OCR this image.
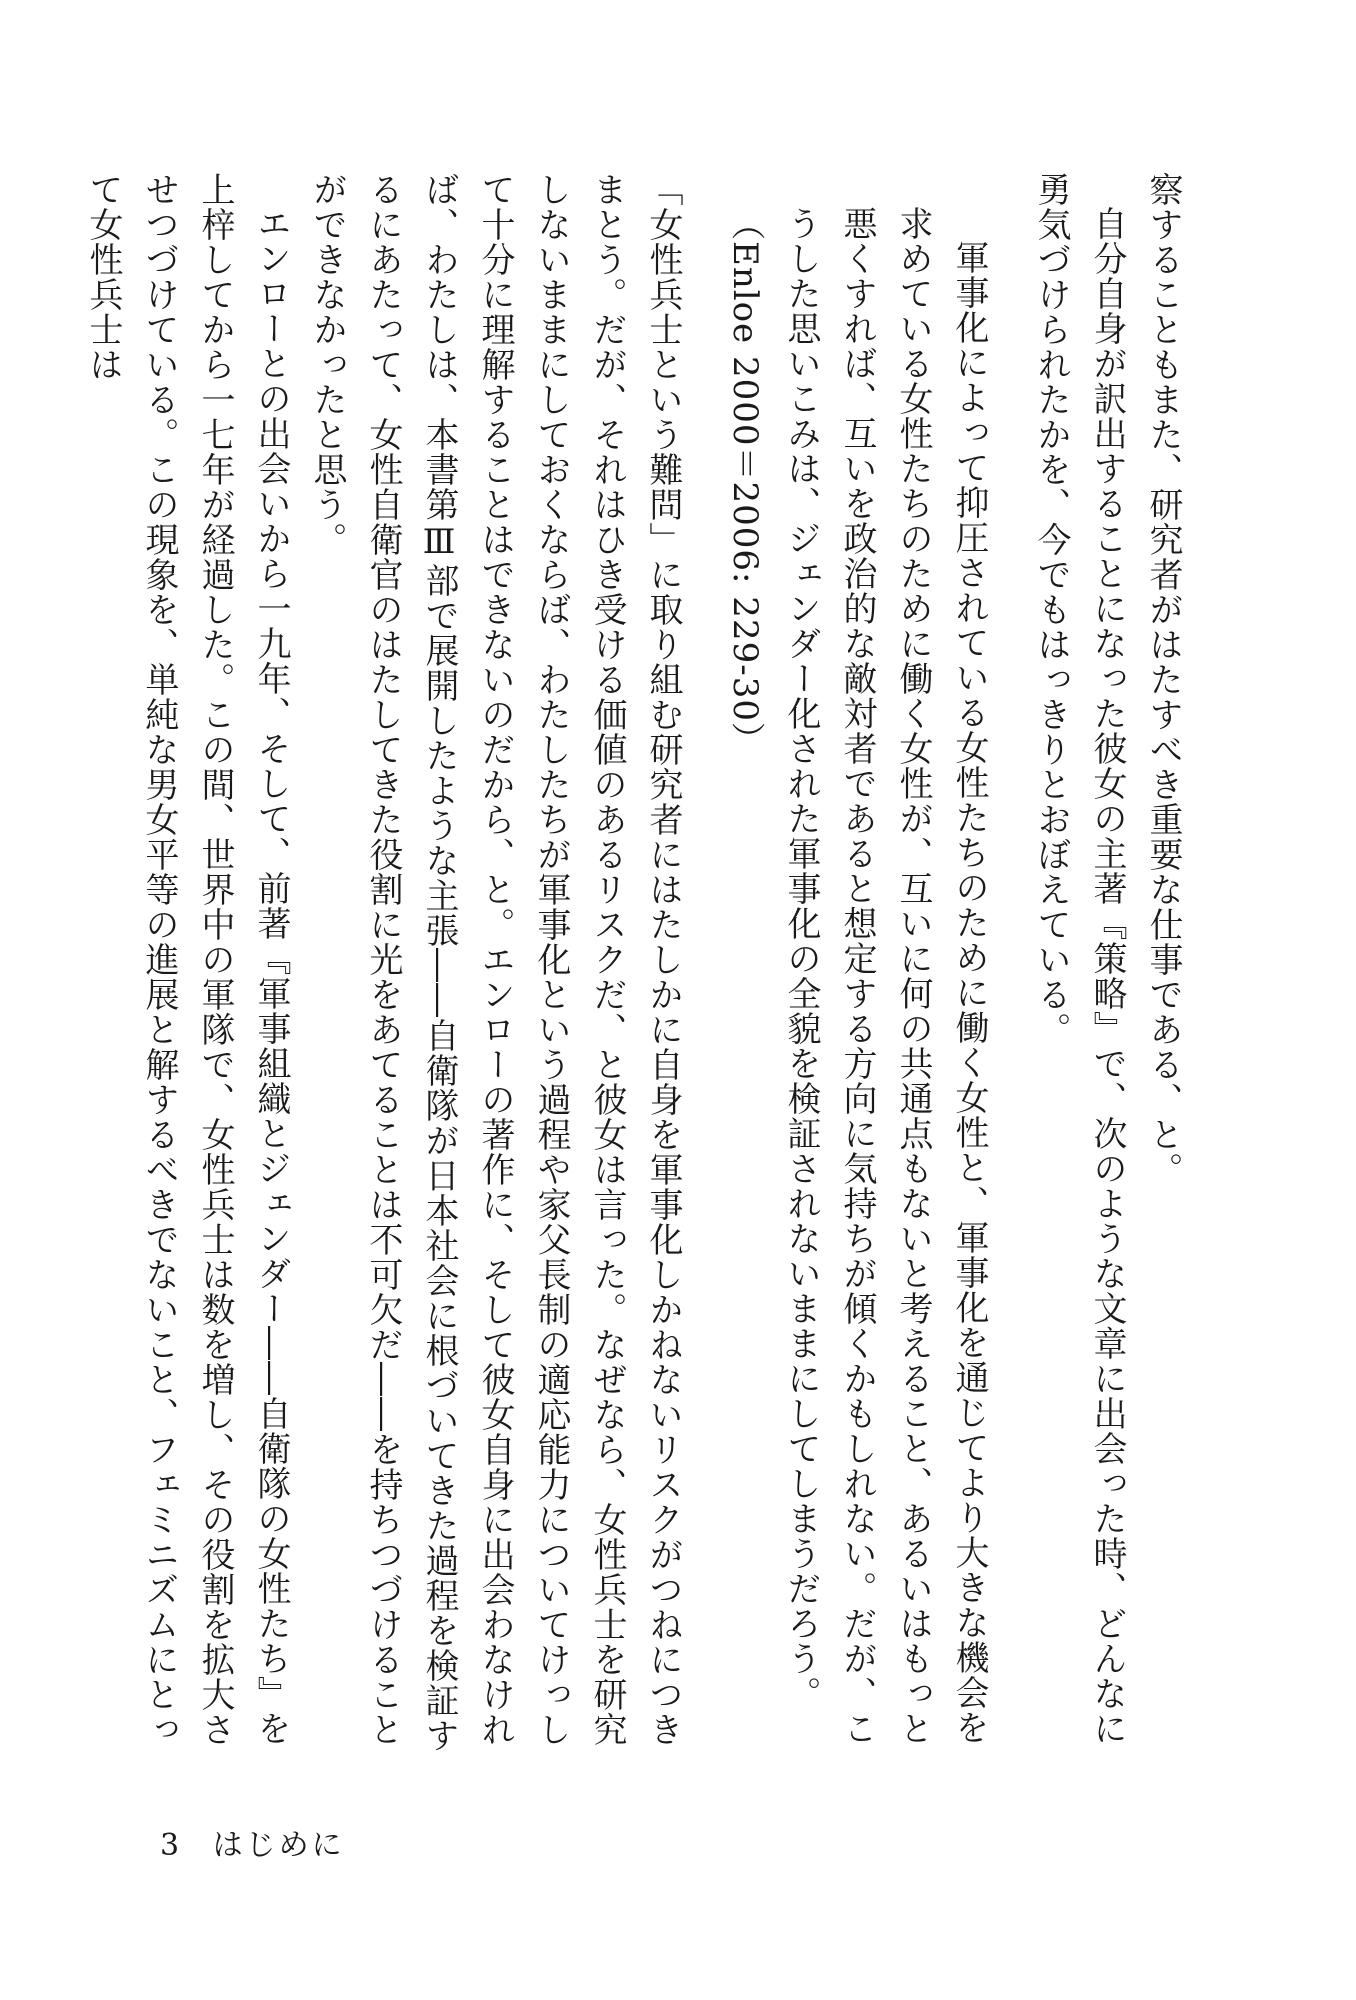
察することもまた、研究者がはたすべき重要な仕事である、と。

自分自身が訳出することになった彼女の主著『策略』で、次のような文章に出会った時、どんなに勇気づけられたかを、今でもはっきりとおぼえている。

軍事化によって抑圧されている女性たちのために働く女性と、軍事化を通じてより大きな機会を求めている女性たちのために働く女性が、互いに何の共通点もないと考えること、あるいはもっと悪くすれば、互いを政治的な敵対者であると想定する方向に気持ちが傾くかもしれない。だが、こうした思いこみは、ジェンダー化された軍事化の全貌を検証されないままにしてしまうだろう。（Enloe 2000＝2006: 229-30）

「女性兵士という難問」に取り組む研究者にはたしかに自身を軍事化しかねないリスクがつねにつきまとう。だが、それはひき受ける価値のあるリスクだ、と彼女は言った。なぜなら、女性兵士を研究しないままにしておくならば、わたしたちが軍事化という過程や家父長制の適応能力についてけっして十分に理解することはできないのだから、と。エンローの著作に、そして彼女自身に出会わなければ、わたしは、本書第Ⅲ部で展開したような主張――自衛隊が日本社会に根づいてきた過程を検証するにあたって、女性自衛官のはたしてきた役割に光をあてることは不可欠だ――を持ちつづけることができなかったと思う。

エンローとの出会いから一九年、そして、前著『軍事組織とジェンダー――自衛隊の女性たち』を上梓してから一七年が経過した。この間、世界中の軍隊で、女性兵士は数を増し、その役割を拡大させつづけている。この現象を、単純な男女平等の進展と解するべきでないこと、フェミニズムにとって女性兵士は

3 はじめに
